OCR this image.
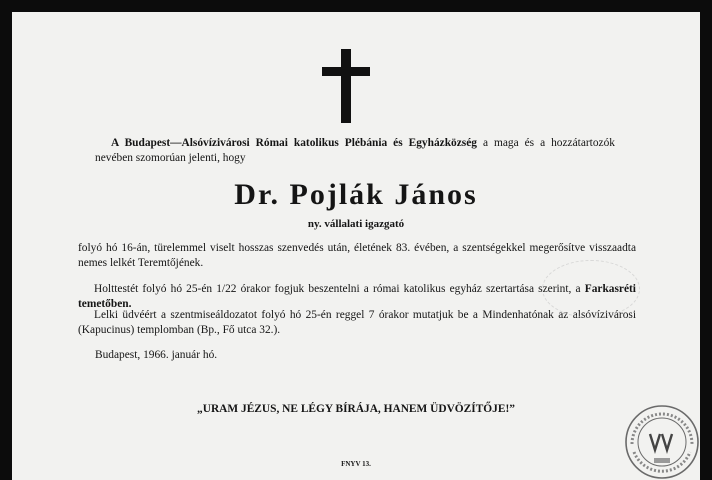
A Budapest—Alsóvízivárosi Római katolikus Plébánia és Egyházközség a maga és a hozzátartozók nevében szomorúan jelenti, hogy

Dr. Pojlák János
ny. vállalati igazgató

folyó hó 16-án, türelemmel viselt hosszas szenvedés után, életének 83. évében, a szentségekkel megerősítve visszaadta nemes lelkét Teremtőjének.

Holttestét folyó hó 25-én 1/22 órakor fogjuk beszentelni a római katolikus egyház szertartása szerint, a Farkasréti temetőben.

Lelki üdvéért a szentmiseáldozatot folyó hó 25-én reggel 7 órakor mutatjuk be a Mindenhatónak az alsóvízivárosi (Kapucinus) templomban (Bp., Fő utca 32.).

Budapest, 1966. január hó.

„URAM JÉZUS, NE LÉGY BÍRÁJA, HANEM ÜDVÖZÍTŐJE!”
FNYV 13.
